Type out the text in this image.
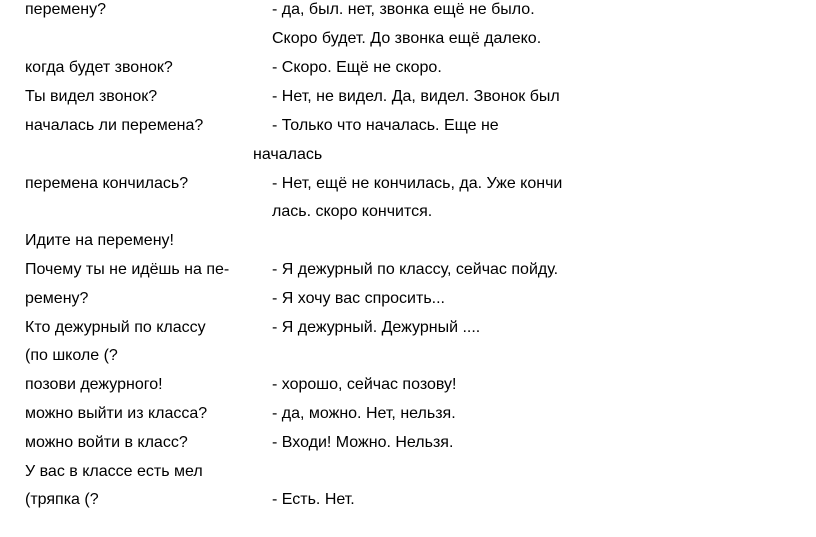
перемену?
когда будет звонок?
Ты видел звонок?
началась ли перемена?
перемена кончилась?
Идите на перемену!
Почему ты не идёшь на пе-
ремену?
Кто дежурный по классу
(по школе (?
позови дежурного!
можно выйти из класса?
можно войти в класс?
У вас в классе есть мел
(тряпка (?
- да, был. нет, звонка ещё не было.
Скоро будет. До звонка ещё далеко.
- Скоро. Ещё не скоро.
- Нет, не видел. Да, видел. Звонок был
- Только что началась. Еще не
началась
- Нет, ещё не кончилась, да. Уже кончи
лась. скоро кончится.
- Я дежурный по классу, сейчас пойду.
- Я хочу вас спросить...
- Я дежурный. Дежурный ....
- хорошо, сейчас позову!
- да, можно. Нет, нельзя.
- Входи! Можно. Нельзя.
- Есть. Нет.
